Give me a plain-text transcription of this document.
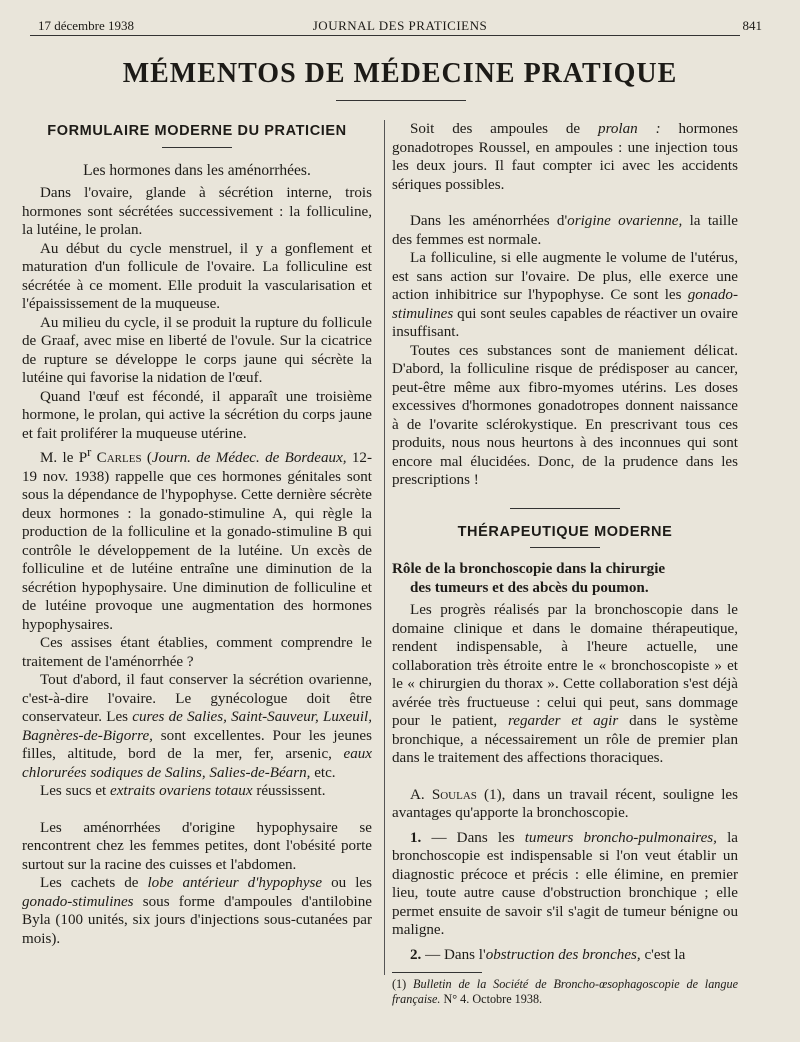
17 décembre 1938	JOURNAL DES PRATICIENS	841
MÉMENTOS DE MÉDECINE PRATIQUE
FORMULAIRE MODERNE DU PRATICIEN
Les hormones dans les aménorrhées.

Dans l'ovaire, glande à sécrétion interne, trois hormones sont sécrétées successivement : la folliculine, la lutéine, le prolan.

Au début du cycle menstruel, il y a gonflement et maturation d'un follicule de l'ovaire. La folliculine est sécrétée à ce moment. Elle produit la vascularisation et l'épaississement de la muqueuse.

Au milieu du cycle, il se produit la rupture du follicule de Graaf, avec mise en liberté de l'ovule. Sur la cicatrice de rupture se développe le corps jaune qui sécrète la lutéine qui favorise la nidation de l'œuf.

Quand l'œuf est fécondé, il apparaît une troisième hormone, le prolan, qui active la sécrétion du corps jaune et fait proliférer la muqueuse utérine.

M. le $P^r$ Carles (Journ. de Médec. de Bordeaux, 12-19 nov. 1938) rappelle que ces hormones génitales sont sous la dépendance de l'hypophyse. Cette dernière sécrète deux hormones : la gonado-stimuline A, qui règle la production de la folliculine et la gonado-stimuline B qui contrôle le développement de la lutéine. Un excès de folliculine et de lutéine entraîne une diminution de la sécrétion hypophysaire. Une diminution de folliculine et de lutéine provoque une augmentation des hormones hypophysaires.

Ces assises étant établies, comment comprendre le traitement de l'aménorrhée ?

Tout d'abord, il faut conserver la sécrétion ovarienne, c'est-à-dire l'ovaire. Le gynécologue doit être conservateur. Les cures de Salies, Saint-Sauveur, Luxeuil, Bagnères-de-Bigorre, sont excellentes. Pour les jeunes filles, altitude, bord de la mer, fer, arsenic, eaux chlorurées sodiques de Salins, Salies-de-Béarn, etc.

Les sucs et extraits ovariens totaux réussissent.

Les aménorrhées d'origine hypophysaire se rencontrent chez les femmes petites, dont l'obésité porte surtout sur la racine des cuisses et l'abdomen.

Les cachets de lobe antérieur d'hypophyse ou les gonado-stimulines sous forme d'ampoules d'antilobine Byla (100 unités, six jours d'injections sous-cutanées par mois).

Soit des ampoules de prolan : hormones gonadotropes Roussel, en ampoules : une injection tous les deux jours. Il faut compter ici avec les accidents sériques possibles.

Dans les aménorrhées d'origine ovarienne, la taille des femmes est normale.

La folliculine, si elle augmente le volume de l'utérus, est sans action sur l'ovaire. De plus, elle exerce une action inhibitrice sur l'hypophyse. Ce sont les gonado-stimulines qui sont seules capables de réactiver un ovaire insuffisant.

Toutes ces substances sont de maniement délicat. D'abord, la folliculine risque de prédisposer au cancer, peut-être même aux fibro-myomes utérins. Les doses excessives d'hormones gonadotropes donnent naissance à de l'ovarite sclérokystique. En prescrivant tous ces produits, nous nous heurtons à des inconnues qui sont encore mal élucidées. Donc, de la prudence dans les prescriptions !

THÉRAPEUTIQUE MODERNE
Rôle de la bronchoscopie dans la chirurgie
des tumeurs et des abcès du poumon.

Les progrès réalisés par la bronchoscopie dans le domaine clinique et dans le domaine thérapeutique, rendent indispensable, à l'heure actuelle, une collaboration très étroite entre le « bronchoscopiste » et le « chirurgien du thorax ». Cette collaboration s'est déjà avérée très fructueuse : celui qui peut, sans dommage pour le patient, regarder et agir dans le système bronchique, a nécessairement un rôle de premier plan dans le traitement des affections thoraciques.

A. Soulas (1), dans un travail récent, souligne les avantages qu'apporte la bronchoscopie.

1. — Dans les tumeurs broncho-pulmonaires, la bronchoscopie est indispensable si l'on veut établir un diagnostic précoce et précis : elle élimine, en premier lieu, toute autre cause d'obstruction bronchique ; elle permet ensuite de savoir s'il s'agit de tumeur bénigne ou maligne.

2. — Dans l'obstruction des bronches, c'est la

(1) Bulletin de la Société de Broncho-œsophagoscopie de langue française. N° 4. Octobre 1938.
